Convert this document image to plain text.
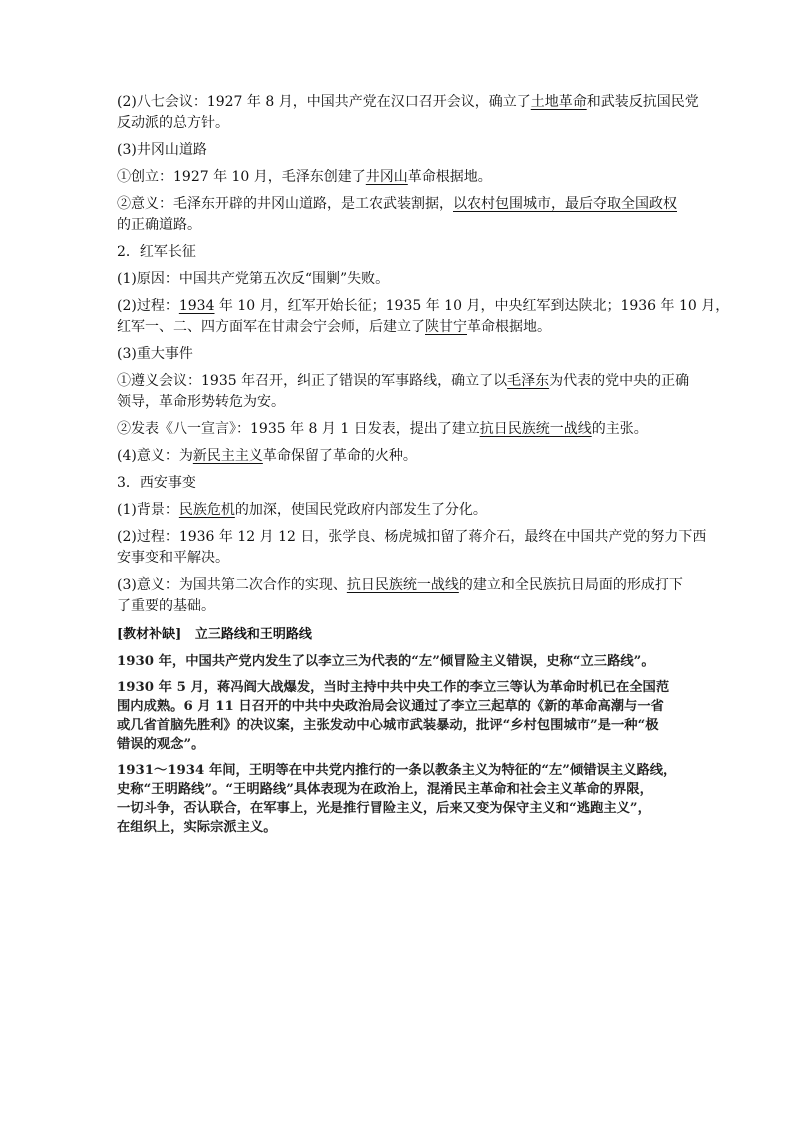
(2)八七会议：1927 年 8 月，中国共产党在汉口召开会议，确立了土地革命和武装反抗国民党
反动派的总方针。
(3)井冈山道路
①创立：1927 年 10 月，毛泽东创建了井冈山革命根据地。
②意义：毛泽东开辟的井冈山道路，是工农武装割据，以农村包围城市，最后夺取全国政权
的正确道路。
2．红军长征
(1)原因：中国共产党第五次反“围剿”失败。
(2)过程：1934 年 10 月，红军开始长征；1935 年 10 月，中央红军到达陕北；1936 年 10 月，
红军一、二、四方面军在甘肃会宁会师，后建立了陕甘宁革命根据地。
(3)重大事件
①遵义会议：1935 年召开，纠正了错误的军事路线，确立了以毛泽东为代表的党中央的正确
领导，革命形势转危为安。
②发表《八一宣言》：1935 年 8 月 1 日发表，提出了建立抗日民族统一战线的主张。
(4)意义：为新民主主义革命保留了革命的火种。
3．西安事变
(1)背景：民族危机的加深，使国民党政府内部发生了分化。
(2)过程：1936 年 12 月 12 日，张学良、杨虎城扣留了蒋介石，最终在中国共产党的努力下西
安事变和平解决。
(3)意义：为国共第二次合作的实现、抗日民族统一战线的建立和全民族抗日局面的形成打下
了重要的基础。
[教材补缺] 立三路线和王明路线
1930 年，中国共产党内发生了以李立三为代表的“左”倾冒险主义错误，史称“立三路线”。
1930 年 5 月，蒋冯阎大战爆发，当时主持中共中央工作的李立三等认为革命时机已在全国范
围内成熟。6 月 11 日召开的中共中央政治局会议通过了李立三起草的《新的革命高潮与一省
或几省首脑先胜利》的决议案，主张发动中心城市武装暴动，批评“乡村包围城市”是一种“极
错误的观念”。
1931～1934 年间，王明等在中共党内推行的一条以教条主义为特征的“左”倾错误主义路线，
史称“王明路线”。“王明路线”具体表现为在政治上，混淆民主革命和社会主义革命的界限，
一切斗争，否认联合，在军事上，光是推行冒险主义，后来又变为保守主义和“逃跑主义”，
在组织上，实际宗派主义。
